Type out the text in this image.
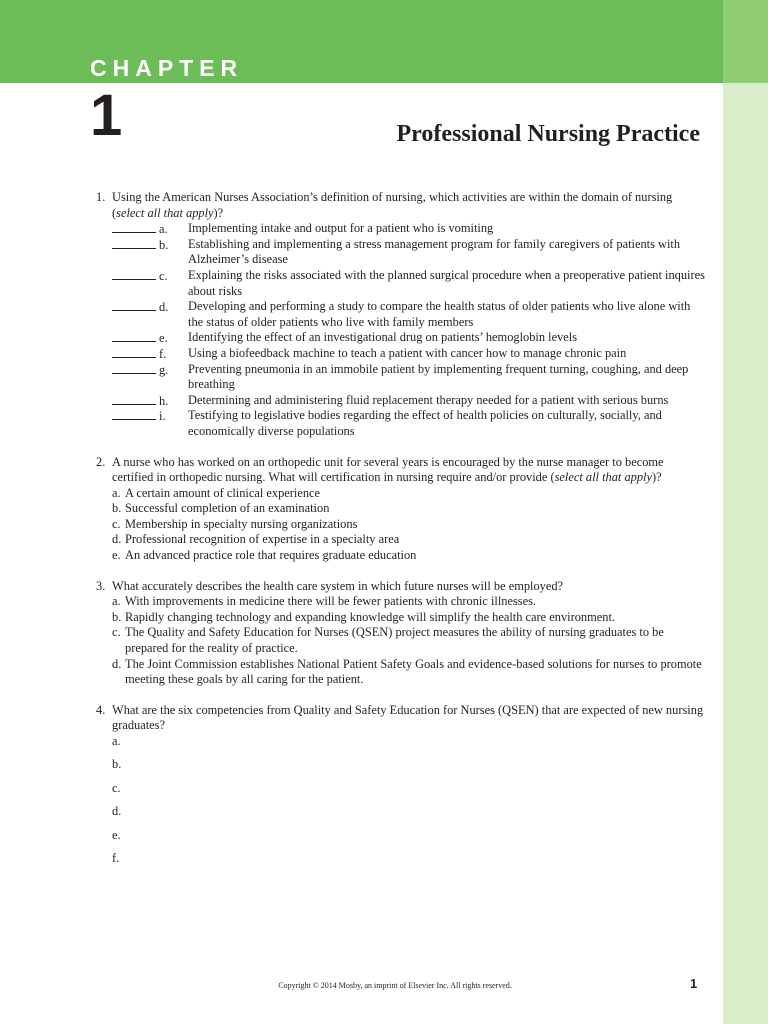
CHAPTER
1	Professional Nursing Practice
1. Using the American Nurses Association’s definition of nursing, which activities are within the domain of nursing (select all that apply)?
a. Implementing intake and output for a patient who is vomiting
b. Establishing and implementing a stress management program for family caregivers of patients with Alzheimer’s disease
c. Explaining the risks associated with the planned surgical procedure when a preoperative patient inquires about risks
d. Developing and performing a study to compare the health status of older patients who live alone with the status of older patients who live with family members
e. Identifying the effect of an investigational drug on patients’ hemoglobin levels
f. Using a biofeedback machine to teach a patient with cancer how to manage chronic pain
g. Preventing pneumonia in an immobile patient by implementing frequent turning, coughing, and deep breathing
h. Determining and administering fluid replacement therapy needed for a patient with serious burns
i. Testifying to legislative bodies regarding the effect of health policies on culturally, socially, and economically diverse populations
2. A nurse who has worked on an orthopedic unit for several years is encouraged by the nurse manager to become certified in orthopedic nursing. What will certification in nursing require and/or provide (select all that apply)?
a. A certain amount of clinical experience
b. Successful completion of an examination
c. Membership in specialty nursing organizations
d. Professional recognition of expertise in a specialty area
e. An advanced practice role that requires graduate education
3. What accurately describes the health care system in which future nurses will be employed?
a. With improvements in medicine there will be fewer patients with chronic illnesses.
b. Rapidly changing technology and expanding knowledge will simplify the health care environment.
c. The Quality and Safety Education for Nurses (QSEN) project measures the ability of nursing graduates to be prepared for the reality of practice.
d. The Joint Commission establishes National Patient Safety Goals and evidence-based solutions for nurses to promote meeting these goals by all caring for the patient.
4. What are the six competencies from Quality and Safety Education for Nurses (QSEN) that are expected of new nursing graduates?
a.
b.
c.
d.
e.
f.
Copyright © 2014 Mosby, an imprint of Elsevier Inc. All rights reserved.	1
